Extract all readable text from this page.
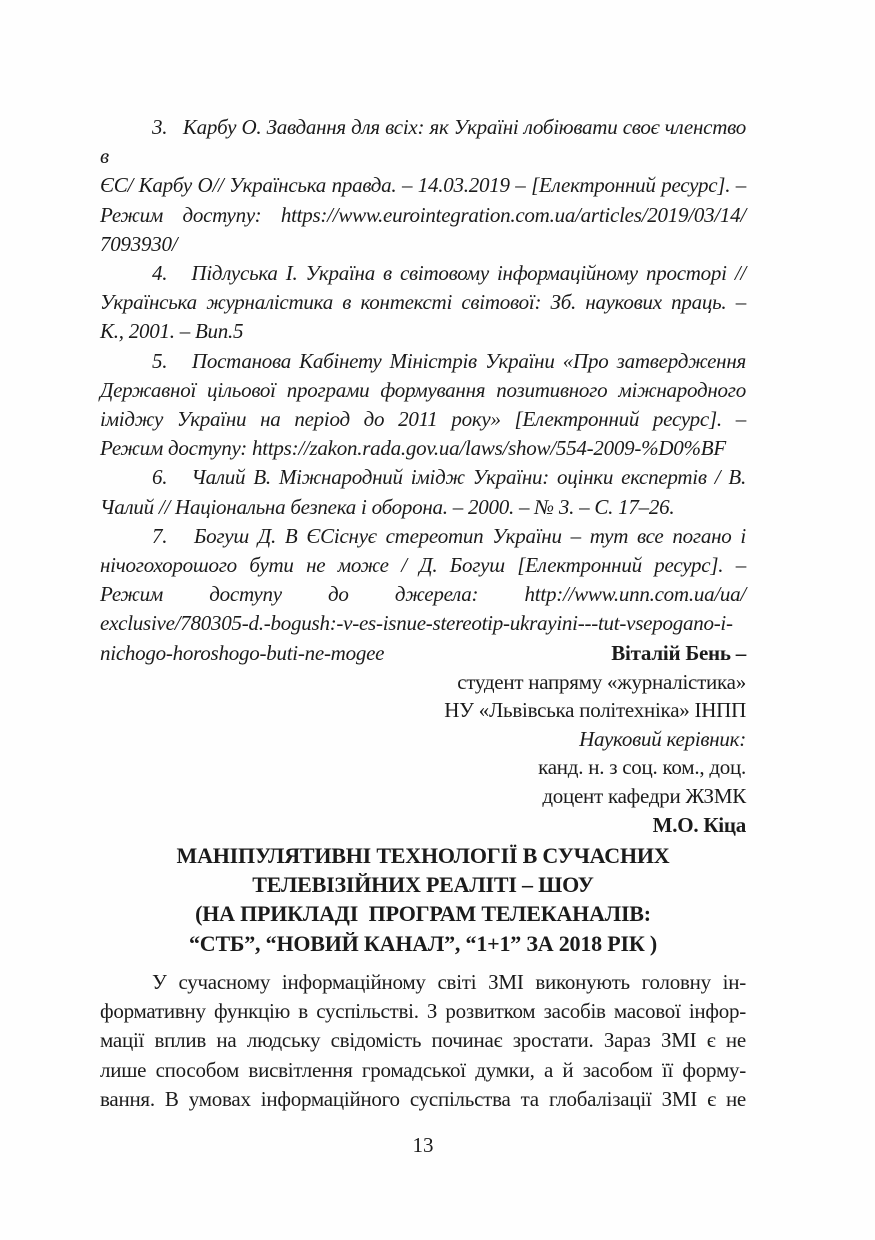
3.   Карбу О. Завдання для всіх: як Україні лобіювати своє членство в
ЄС/ Карбу О// Українська правда. – 14.03.2019 – [Електронний ресурс]. –
Режим доступу: https://www.eurointegration.com.ua/articles/2019/03/14/
7093930/
4.   Підлуська І. Україна в світовому інформаційному просторі //
Українська журналістика в контексті світової: Зб. наукових праць. –
К., 2001. – Вип.5
5.   Постанова Кабінету Міністрів України «Про затвердження
Державної цільової програми формування позитивного міжнародного
іміджу України на період до 2011 року» [Електронний ресурс]. –
Режим доступу: https://zakon.rada.gov.ua/laws/show/554-2009-%D0%BF
6.   Чалий В. Міжнародний імідж України: оцінки експертів / В.
Чалий // Національна безпека і оборона. – 2000. – № 3. – С. 17–26.
7.   Богуш Д. В ЄСіснує стереотип України – тут все погано і
нічогохорошого бути не може / Д. Богуш [Електронний ресурс]. –
Режим доступу до джерела: http://www.unn.com.ua/ua/
exclusive/780305-d.-bogush:-v-es-isnue-stereotip-ukrayini---tut-vsepogano-i-
nichogo-horoshogo-buti-ne-mogee	Віталій Бень –
студент напряму «журналістика»
НУ «Львівська політехніка» ІНПП
Науковий керівник:
канд. н. з соц. ком., доц.
доцент кафедри ЖЗМК
М.О. Кіца
МАНІПУЛЯТИВНІ ТЕХНОЛОГІЇ В СУЧАСНИХ
ТЕЛЕВІЗІЙНИХ РЕАЛІТІ – ШОУ
(НА ПРИКЛАДІ  ПРОГРАМ ТЕЛЕКАНАЛІВ:
“СТБ”, “НОВИЙ КАНАЛ”, “1+1” ЗА 2018 РІК )
У сучасному інформаційному світі ЗМІ виконують головну ін-
формативну функцію в суспільстві. З розвитком засобів масової інфор-
мації вплив на людську свідомість починає зростати. Зараз ЗМІ є не
лише способом висвітлення громадської думки, а й засобом її форму-
вання. В умовах інформаційного суспільства та глобалізації ЗМІ є не
13
